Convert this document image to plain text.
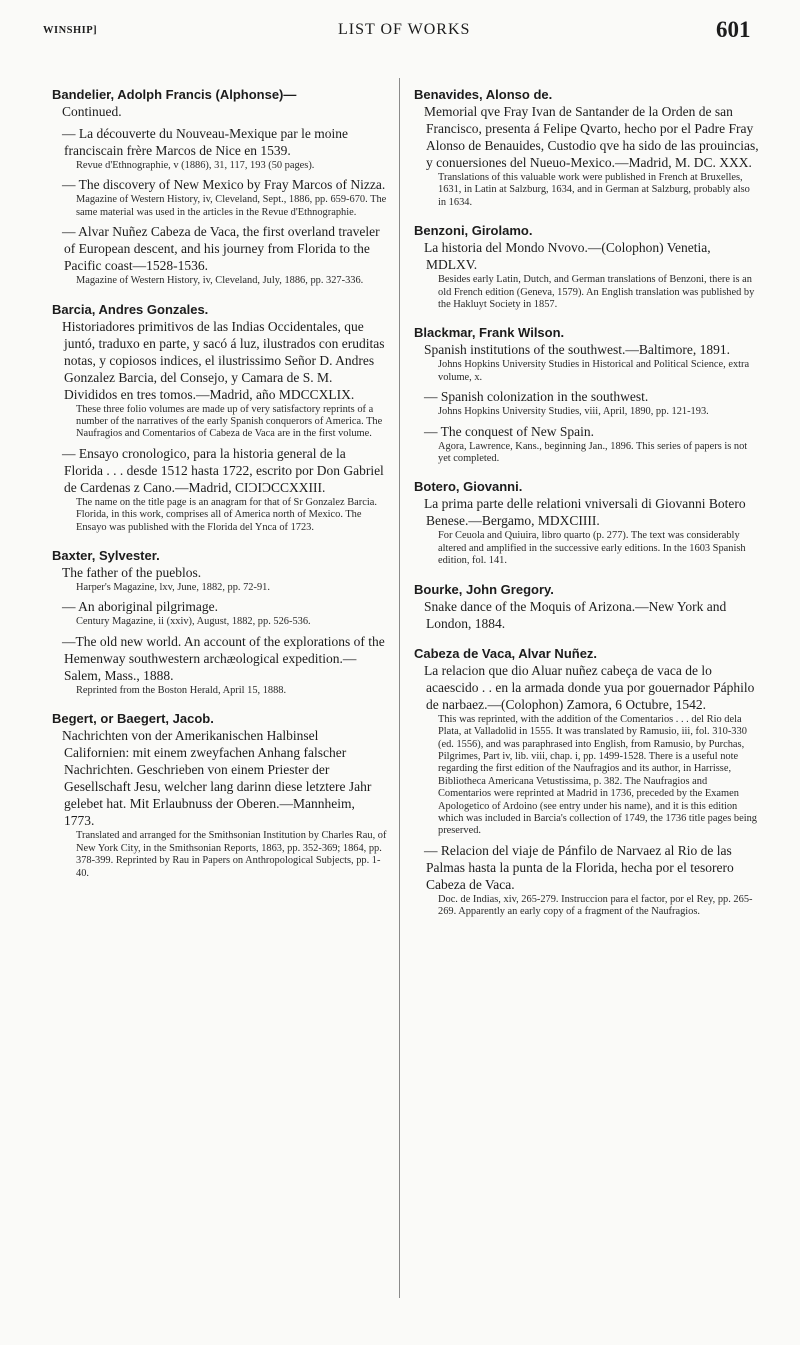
WINSHIP]	LIST OF WORKS	601
Bandelier, Adolph Francis (Alphonse)—
Continued.
— La découverte du Nouveau-Mexique par le moine franciscain frère Marcos de Nice en 1539.
Revue d'Ethnographie, v (1886), 31, 117, 193 (50 pages).
— The discovery of New Mexico by Fray Marcos of Nizza.
Magazine of Western History, iv, Cleveland, Sept., 1886, pp. 659-670. The same material was used in the articles in the Revue d'Ethnographie.
— Alvar Nuñez Cabeza de Vaca, the first overland traveler of European descent, and his journey from Florida to the Pacific coast—1528-1536.
Magazine of Western History, iv, Cleveland, July, 1886, pp. 327-336.
Barcia, Andres Gonzales.
Historiadores primitivos de las Indias Occidentales, que juntó, traduxo en parte, y sacó á luz, ilustrados con eruditas notas, y copiosos indices, el ilustrissimo Señor D. Andres Gonzalez Barcia, del Consejo, y Camara de S. M. Divididos en tres tomos.—Madrid, año MDCCXLIX.
These three folio volumes are made up of very satisfactory reprints of a number of the narratives of the early Spanish conquerors of America. The Naufragios and Comentarios of Cabeza de Vaca are in the first volume.
— Ensayo cronologico, para la historia general de la Florida . . . desde 1512 hasta 1722, escrito por Don Gabriel de Cardenas z Cano.—Madrid, CIƆIƆCCXXIII.
The name on the title page is an anagram for that of Sr Gonzalez Barcia. Florida, in this work, comprises all of America north of Mexico. The Ensayo was published with the Florida del Ynca of 1723.
Baxter, Sylvester.
The father of the pueblos.
Harper's Magazine, lxv, June, 1882, pp. 72-91.
— An aboriginal pilgrimage.
Century Magazine, ii (xxiv), August, 1882, pp. 526-536.
—The old new world. An account of the explorations of the Hemenway southwestern archæological expedition.—Salem, Mass., 1888.
Reprinted from the Boston Herald, April 15, 1888.
Begert, or Baegert, Jacob.
Nachrichten von der Amerikanischen Halbinsel Californien: mit einem zweyfachen Anhang falscher Nachrichten. Geschrieben von einem Priester der Gesellschaft Jesu, welcher lang darinn diese letztere Jahr gelebet hat. Mit Erlaubnuss der Oberen.—Mannheim, 1773.
Translated and arranged for the Smithsonian Institution by Charles Rau, of New York City, in the Smithsonian Reports, 1863, pp. 352-369; 1864, pp. 378-399. Reprinted by Rau in Papers on Anthropological Subjects, pp. 1-40.
Benavides, Alonso de.
Memorial qve Fray Ivan de Santander de la Orden de san Francisco, presenta á Felipe Qvarto, hecho por el Padre Fray Alonso de Benauides, Custodio qve ha sido de las prouincias, y conuersiones del Nueuo-Mexico.—Madrid, M. DC. XXX.
Translations of this valuable work were published in French at Bruxelles, 1631, in Latin at Salzburg, 1634, and in German at Salzburg, probably also in 1634.
Benzoni, Girolamo.
La historia del Mondo Nvovo.—(Colophon) Venetia, MDLXV.
Besides early Latin, Dutch, and German translations of Benzoni, there is an old French edition (Geneva, 1579). An English translation was published by the Hakluyt Society in 1857.
Blackmar, Frank Wilson.
Spanish institutions of the southwest.—Baltimore, 1891.
Johns Hopkins University Studies in Historical and Political Science, extra volume, x.
— Spanish colonization in the southwest.
Johns Hopkins University Studies, viii, April, 1890, pp. 121-193.
— The conquest of New Spain.
Agora, Lawrence, Kans., beginning Jan., 1896. This series of papers is not yet completed.
Botero, Giovanni.
La prima parte delle relationi vniversali di Giovanni Botero Benese.—Bergamo, MDXCIIII.
For Ceuola and Quiuira, libro quarto (p. 277). The text was considerably altered and amplified in the successive early editions. In the 1603 Spanish edition, fol. 141.
Bourke, John Gregory.
Snake dance of the Moquis of Arizona.—New York and London, 1884.
Cabeza de Vaca, Alvar Nuñez.
La relacion que dio Aluar nuñez cabeça de vaca de lo acaescido . . en la armada donde yua por gouernador Páphilo de narbaez.—(Colophon) Zamora, 6 Octubre, 1542.
This was reprinted, with the addition of the Comentarios . . . del Rio dela Plata, at Valladolid in 1555. It was translated by Ramusio, iii, fol. 310-330 (ed. 1556), and was paraphrased into English, from Ramusio, by Purchas, Pilgrimes, Part iv, lib. viii, chap. i, pp. 1499-1528. There is a useful note regarding the first edition of the Naufragios and its author, in Harrisse, Bibliotheca Americana Vetustissima, p. 382. The Naufragios and Comentarios were reprinted at Madrid in 1736, preceded by the Examen Apologetico of Ardoino (see entry under his name), and it is this edition which was included in Barcia's collection of 1749, the 1736 title pages being preserved.
— Relacion del viaje de Pánfilo de Narvaez al Rio de las Palmas hasta la punta de la Florida, hecha por el tesorero Cabeza de Vaca.
Doc. de Indias, xiv, 265-279. Instruccion para el factor, por el Rey, pp. 265-269. Apparently an early copy of a fragment of the Naufragios.
